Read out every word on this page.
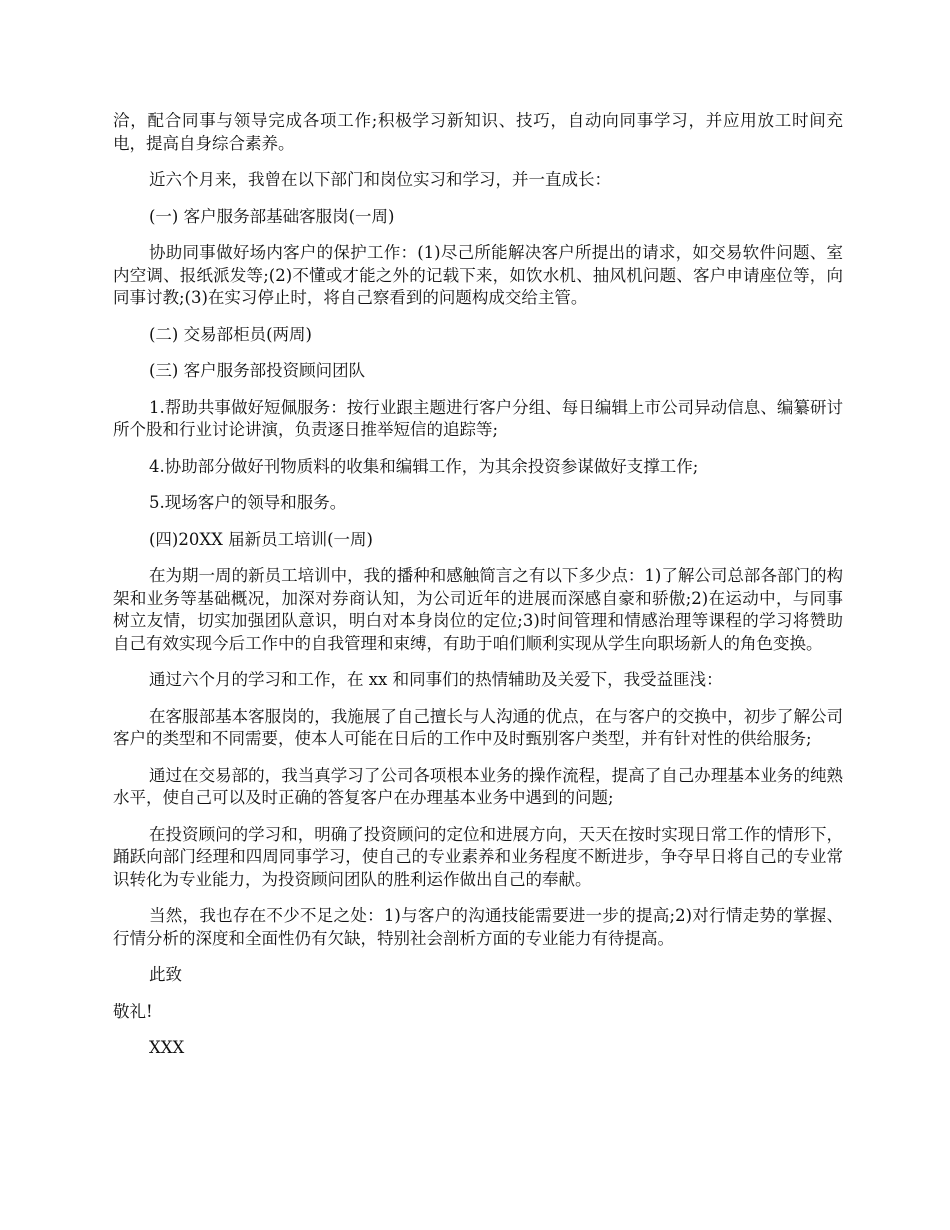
洽，配合同事与领导完成各项工作;积极学习新知识、技巧，自动向同事学习，并应用放工时间充电，提高自身综合素养。

近六个月来，我曾在以下部门和岗位实习和学习，并一直成长：

(一) 客户服务部基础客服岗(一周)

协助同事做好场内客户的保护工作：(1)尽己所能解决客户所提出的请求，如交易软件问题、室内空调、报纸派发等;(2)不懂或才能之外的记载下来，如饮水机、抽风机问题、客户申请座位等，向同事讨教;(3)在实习停止时，将自己察看到的问题构成交给主管。

(二) 交易部柜员(两周)

(三) 客户服务部投资顾问团队

1.帮助共事做好短佩服务：按行业跟主题进行客户分组、每日编辑上市公司异动信息、编纂研讨所个股和行业讨论讲演，负责逐日推举短信的追踪等;

4.协助部分做好刊物质料的收集和编辑工作，为其余投资参谋做好支撑工作;

5.现场客户的领导和服务。

(四)20XX 届新员工培训(一周)

在为期一周的新员工培训中，我的播种和感触简言之有以下多少点：1)了解公司总部各部门的构架和业务等基础概况，加深对券商认知，为公司近年的进展而深感自豪和骄傲;2)在运动中，与同事树立友情，切实加强团队意识，明白对本身岗位的定位;3)时间管理和情感治理等课程的学习将赞助自己有效实现今后工作中的自我管理和束缚，有助于咱们顺利实现从学生向职场新人的角色变换。

通过六个月的学习和工作，在 xx 和同事们的热情辅助及关爱下，我受益匪浅：

在客服部基本客服岗的，我施展了自己擅长与人沟通的优点，在与客户的交换中，初步了解公司客户的类型和不同需要，使本人可能在日后的工作中及时甄别客户类型，并有针对性的供给服务;

通过在交易部的，我当真学习了公司各项根本业务的操作流程，提高了自己办理基本业务的纯熟水平，使自己可以及时正确的答复客户在办理基本业务中遇到的问题;

在投资顾问的学习和，明确了投资顾问的定位和进展方向，天天在按时实现日常工作的情形下，踊跃向部门经理和四周同事学习，使自己的专业素养和业务程度不断进步，争夺早日将自己的专业常识转化为专业能力，为投资顾问团队的胜利运作做出自己的奉献。

当然，我也存在不少不足之处：1)与客户的沟通技能需要进一步的提高;2)对行情走势的掌握、行情分析的深度和全面性仍有欠缺，特别社会剖析方面的专业能力有待提高。

此致

敬礼!

XXX
